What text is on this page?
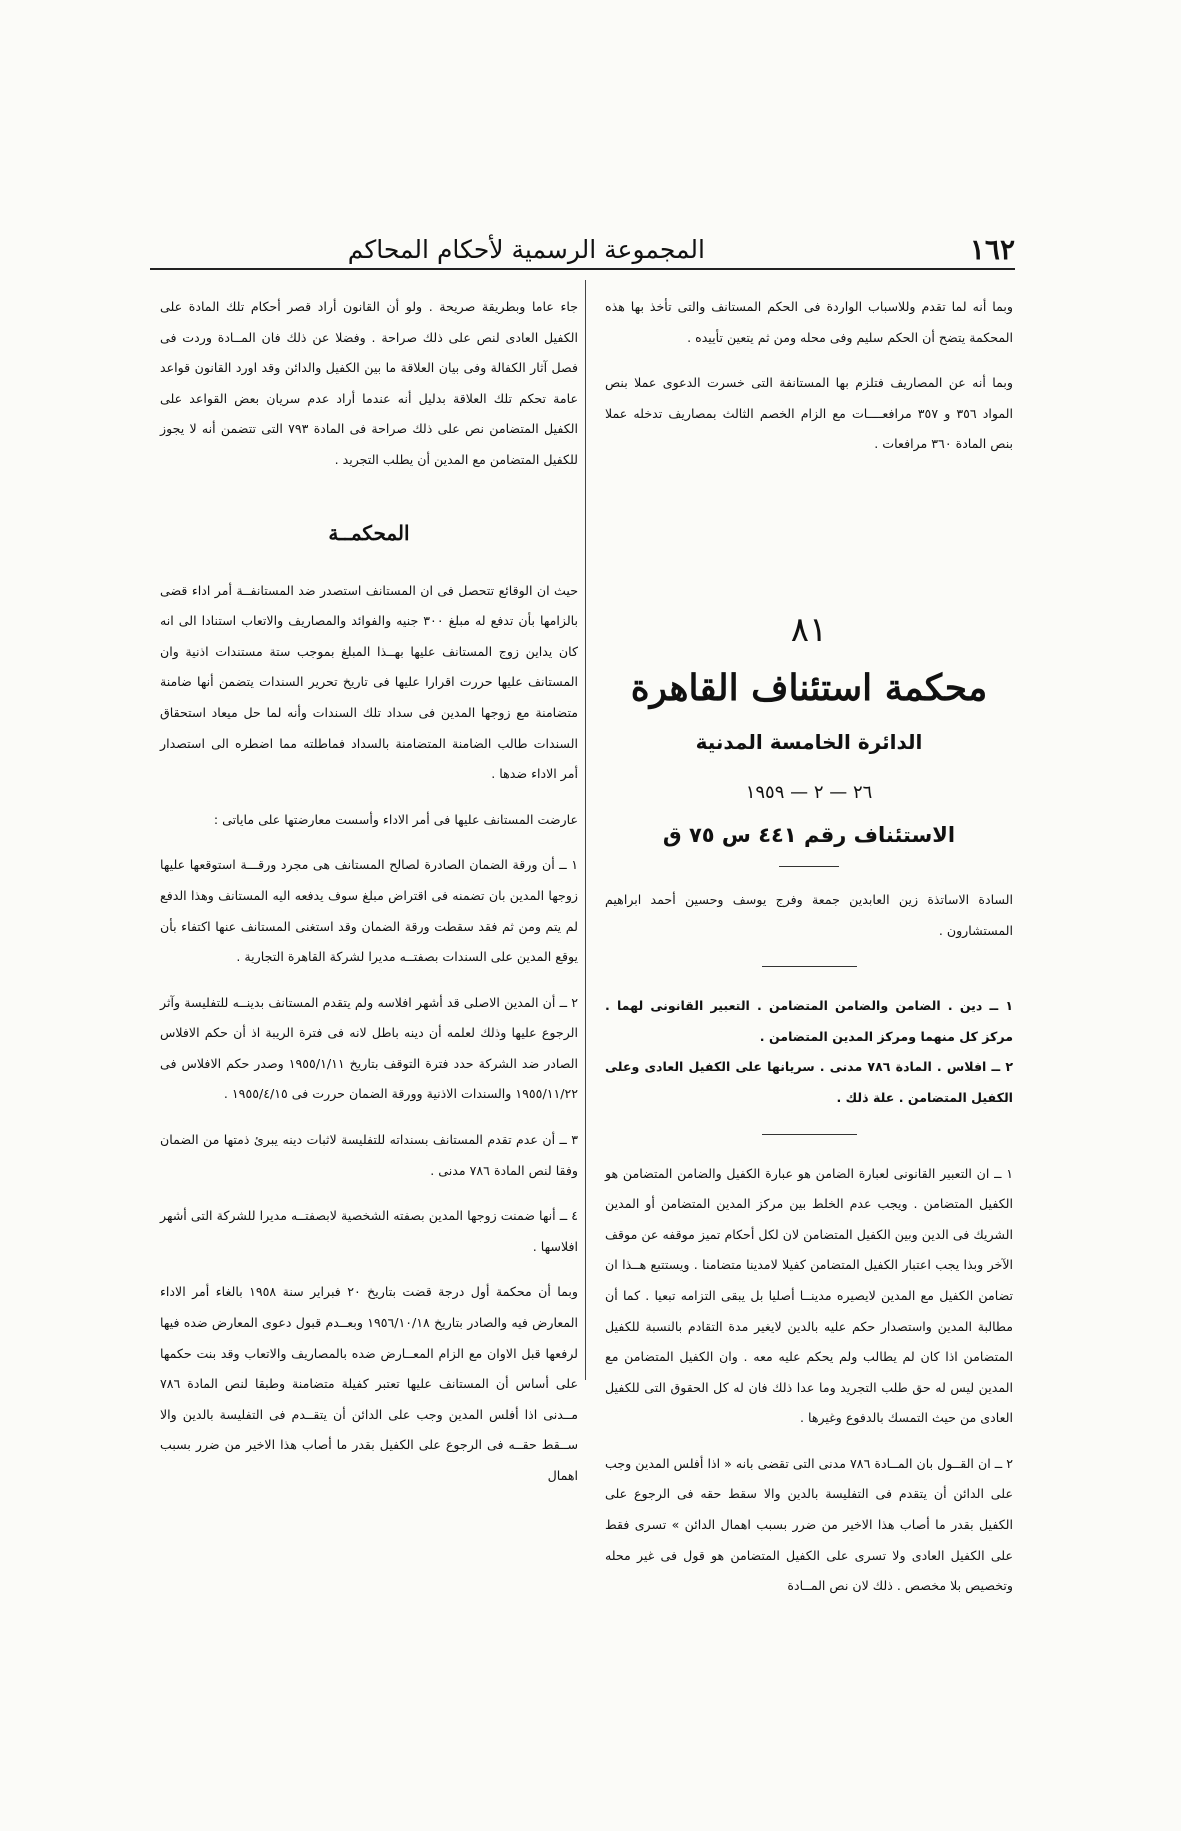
١٦٢
المجموعة الرسمية لأحكام المحاكم

وبما أنه لما تقدم وللاسباب الواردة فى الحكم المستانف والتى تأخذ بها هذه المحكمة يتضح أن الحكم سليم وفى محله ومن ثم يتعين تأييده .

وبما أنه عن المصاريف فتلزم بها المستانفة التى خسرت الدعوى عملا بنص المواد ٣٥٦ و ٣٥٧ مرافعــــات مع الزام الخصم الثالث بمصاريف تدخله عملا بنص المادة ٣٦٠ مرافعات .

٨١
محكمة استئناف القاهرة
الدائرة الخامسة المدنية
٢٦ — ٢ — ١٩٥٩
الاستئناف رقم ٤٤١ س ٧٥ ق

السادة الاساتذة زين العابدين جمعة وفرج يوسف وحسين أحمد ابراهيم المستشارون .

١ ــ دين . الضامن والضامن المتضامن . التعبير القانونى لهما . مركز كل منهما ومركز المدين المتضامن .

٢ ــ افلاس . المادة ٧٨٦ مدنى . سريانها على الكفيل العادى وعلى الكفيل المتضامن . علة ذلك .

١ ــ ان التعبير القانونى لعبارة الضامن هو عبارة الكفيل والضامن المتضامن هو الكفيل المتضامن . ويجب عدم الخلط بين مركز المدين المتضامن أو المدين الشريك فى الدين وبين الكفيل المتضامن لان لكل أحكام تميز موقفه عن موقف الآخر وبذا يجب اعتبار الكفيل المتضامن كفيلا لامدينا متضامنا . ويستتبع هــذا ان تضامن الكفيل مع المدين لايصيره مدينــا أصليا بل يبقى التزامه تبعيا . كما أن مطالبة المدين واستصدار حكم عليه بالدين لايغير مدة التقادم بالنسبة للكفيل المتضامن اذا كان لم يطالب ولم يحكم عليه معه . وان الكفيل المتضامن مع المدين ليس له حق طلب التجريد وما عدا ذلك فان له كل الحقوق التى للكفيل العادى من حيث التمسك بالدفوع وغيرها .

٢ ــ ان القــول بان المــادة ٧٨٦ مدنى التى تقضى بانه « اذا أفلس المدين وجب على الدائن أن يتقدم فى التفليسة بالدين والا سقط حقه فى الرجوع على الكفيل بقدر ما أصاب هذا الاخير من ضرر بسبب اهمال الدائن » تسرى فقط على الكفيل العادى ولا تسرى على الكفيل المتضامن هو قول فى غير محله وتخصيص بلا مخصص . ذلك لان نص المــادة

جاء عاما وبطريقة صريحة . ولو أن القانون أراد قصر أحكام تلك المادة على الكفيل العادى لنص على ذلك صراحة . وفضلا عن ذلك فان المــادة وردت فى فصل آثار الكفالة وفى بيان العلاقة ما بين الكفيل والدائن وقد اورد القانون قواعد عامة تحكم تلك العلاقة بدليل أنه عندما أراد عدم سريان بعض القواعد على الكفيل المتضامن نص على ذلك صراحة فى المادة ٧٩٣ التى تتضمن أنه لا يجوز للكفيل المتضامن مع المدين أن يطلب التجريد .

المحكمــة

حيث ان الوقائع تتحصل فى ان المستانف استصدر ضد المستانفــة أمر اداء قضى بالزامها بأن تدفع له مبلغ ٣٠٠ جنيه والفوائد والمصاريف والاتعاب استنادا الى انه كان يداين زوج المستانف عليها بهــذا المبلغ بموجب ستة مستندات اذنية وان المستانف عليها حررت اقرارا عليها فى تاريخ تحرير السندات يتضمن أنها ضامنة متضامنة مع زوجها المدين فى سداد تلك السندات وأنه لما حل ميعاد استحقاق السندات طالب الضامنة المتضامنة بالسداد فماطلته مما اضطره الى استصدار أمر الاداء ضدها .

عارضت المستانف عليها فى أمر الاداء وأسست معارضتها على ماياتى :

١ ــ أن ورقة الضمان الصادرة لصالح المستانف هى مجرد ورقـــة استوقعها عليها زوجها المدين بان تضمنه فى اقتراض مبلغ سوف يدفعه اليه المستانف وهذا الدفع لم يتم ومن ثم فقد سقطت ورقة الضمان وقد استغنى المستانف عنها اكتفاء بأن يوقع المدين على السندات بصفتــه مديرا لشركة القاهرة التجارية .

٢ ــ أن المدين الاصلى قد أشهر افلاسه ولم يتقدم المستانف بدينــه للتفليسة وآثر الرجوع عليها وذلك لعلمه أن دينه باطل لانه فى فترة الريبة اذ أن حكم الافلاس الصادر ضد الشركة حدد فترة التوقف بتاريخ ١٩٥٥/١/١١ وصدر حكم الافلاس فى ١٩٥٥/١١/٢٢ والسندات الاذنية وورقة الضمان حررت فى ١٩٥٥/٤/١٥ .

٣ ــ أن عدم تقدم المستانف بسنداته للتفليسة لاثبات دينه يبرئ ذمتها من الضمان وفقا لنص المادة ٧٨٦ مدنى .

٤ ــ أنها ضمنت زوجها المدين بصفته الشخصية لابصفتــه مديرا للشركة التى أشهر افلاسها .

وبما أن محكمة أول درجة قضت بتاريخ ٢٠ فبراير سنة ١٩٥٨ بالغاء أمر الاداء المعارض فيه والصادر بتاريخ ١٩٥٦/١٠/١٨ وبعــدم قبول دعوى المعارض ضده فيها لرفعها قبل الاوان مع الزام المعــارض ضده بالمصاريف والاتعاب وقد بنت حكمها على أساس أن المستانف عليها تعتبر كفيلة متضامنة وطبقا لنص المادة ٧٨٦ مــدنى اذا أفلس المدين وجب على الدائن أن يتقــدم فى التفليسة بالدين والا ســقط حقــه فى الرجوع على الكفيل بقدر ما أصاب هذا الاخير من ضرر بسبب اهمال
